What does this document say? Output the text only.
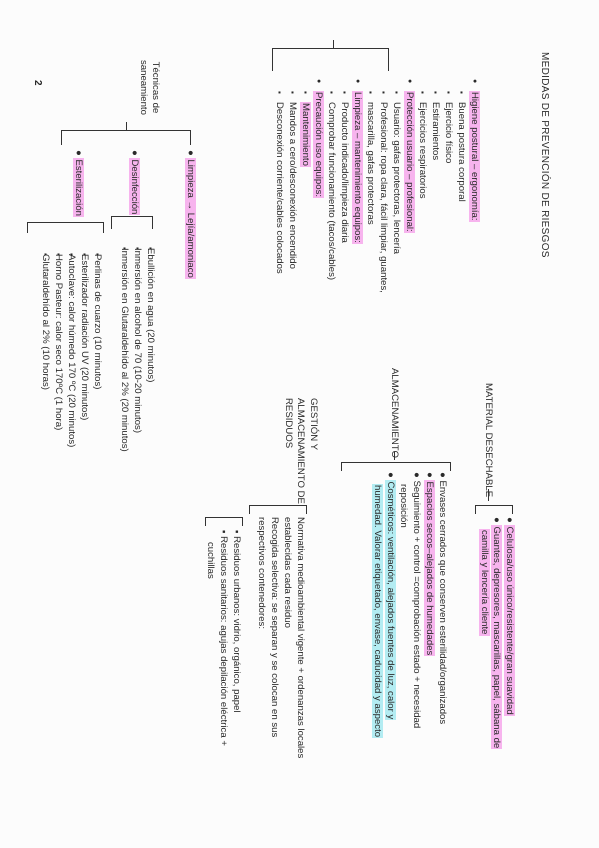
MEDIDAS DE PREVENCIÓN DE RIESGOS
● Higiene postural – ergonomía:
▪ Buena postura corporal
▪ Ejercicio físico
▪ Estiramientos
▪ Ejercicios respiratorios
● Protección usuario – profesional:
▪ Usuario: gafas protectoras, lencería
▪ Profesional: ropa clara, fácil limpiar, guantes,
▪ mascarilla, gafas protectoras
● Limpieza – mantenimiento equipos:
▪ Producto indicado/limpieza diaria
▪ Comprobar funcionamiento (tacos/cables)
● Precaución uso equipos:
▪ Mantenimiento
▪ Mandos a cero/desconexión encendido
▪ Desconexión corriente/cables colocados
Técnicas de
saneamiento
● Limpieza → Lejía/amoniaco
● Desinfección
● Esterilización
▪ Ebullición en agua (20 minutos)
▪ Inmersión en alcohol de 70 (10-20 minutos)
▪ Inmersión en Glutaraldehído al 2% (20 minutos)
▪ Perlinas de cuarzo (10 minutos)
▪ Esterilizador radiación UV (20 minutos)
▪ Autoclave: calor húmedo 170 ºC (20 minutos)
▪ Horno Pasteur: calor seco 170ºC (1 hora)
▪ Glutaraldehído al 2% (10 horas)
MATERIAL DESECHABLE
● Celulosa/uso único/resistente/gran suavidad
● Guantes, depresores, mascarillas, papel, sábana de
camilla y lencería cliente
ALMACENAMIENTO
● Envases cerrados que conserven esterilidad/organizados
● Espacios secos–alejados de humedades
● Seguimiento + control =comprobación estado + necesidad
reposición
● Cosméticos: ventilación, alejados fuentes de luz, calor y
humedad. Valorar etiquetado, envase, caducidad y aspecto
GESTIÓN Y
ALMACENAMIENTO DE
RESIDUOS
Normativa medioambiental vigente + ordenanzas locales
establecidas cada residuo
Recogida selectiva: se separan y se colocan en sus
respectivos contenedores:
▪ Residuos urbanos: vidrio, orgánico, papel
▪ Residuos sanitarios: agujas depilación eléctrica +
cuchillas
2
